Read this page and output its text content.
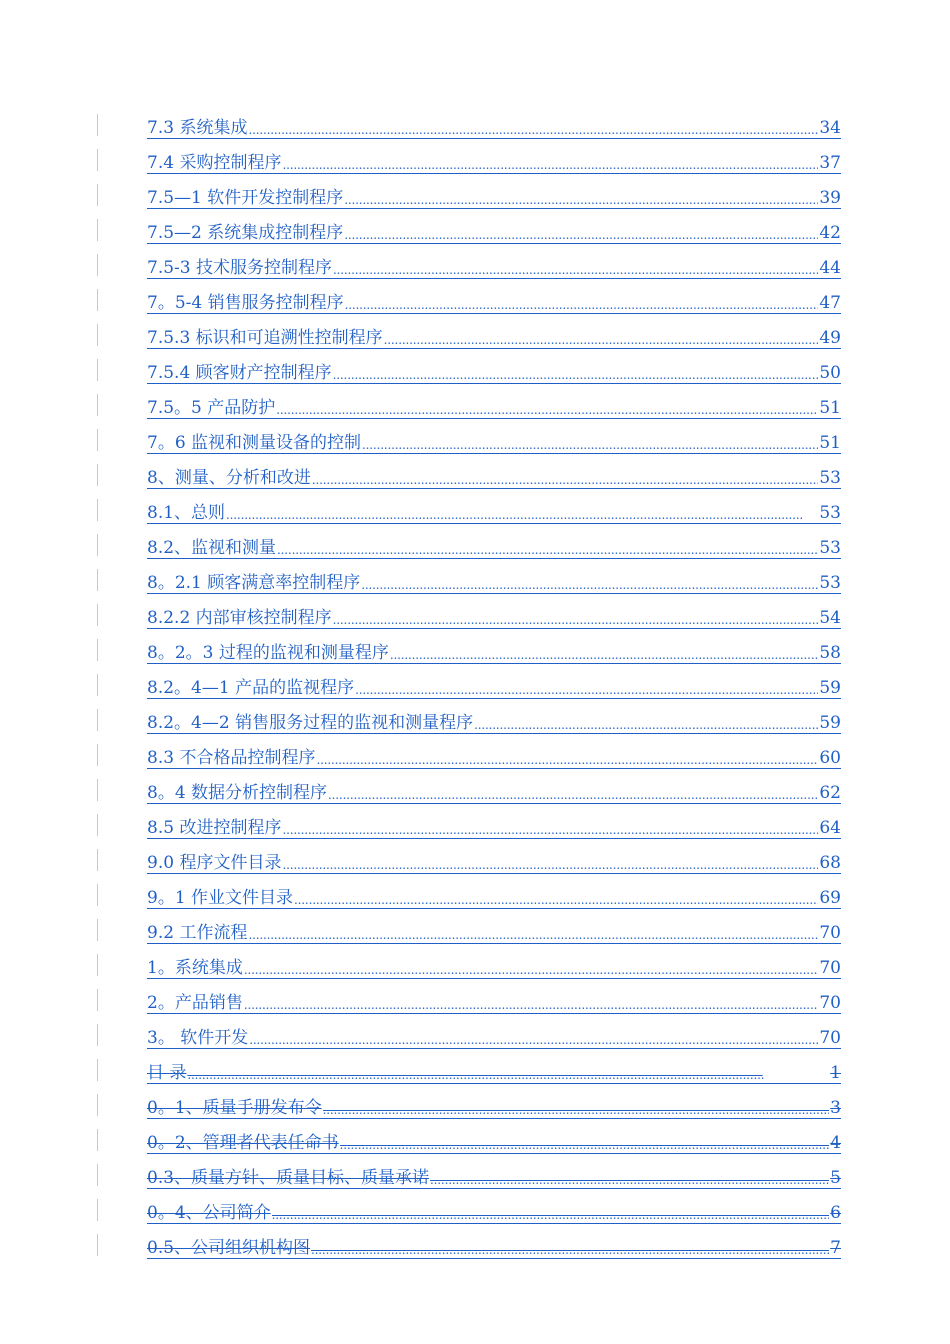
7.3 系统集成 . . .	34
7.4 采购控制程序 . . .	37
7.5—1 软件开发控制程序 . . .	39
7.5—2 系统集成控制程序 . . .	42
7.5-3 技术服务控制程序 . . .	44
7。5-4 销售服务控制程序 . . .	47
7.5.3 标识和可追溯性控制程序 . . .	49
7.5.4 顾客财产控制程序 . . .	50
7.5。5 产品防护 . . .	51
7。6 监视和测量设备的控制 . . .	51
8、测量、分析和改进 . . .	53
8.1、总则 . . .	53
8.2、监视和测量 . . .	53
8。2.1 顾客满意率控制程序 . . .	53
8.2.2 内部审核控制程序 . . .	54
8。2。3 过程的监视和测量程序 . . .	58
8.2。4—1 产品的监视程序 . . .	59
8.2。4—2 销售服务过程的监视和测量程序 . . .	59
8.3 不合格品控制程序 . . .	60
8。4 数据分析控制程序 . . .	62
8.5 改进控制程序 . . .	64
9.0 程序文件目录 . . .	68
9。1 作业文件目录 . . .	69
9.2 工作流程 . . .	70
1。系统集成 . . .	70
2。产品销售 . . .	70
3。 软件开发 . . .	70
目 录 . . .	1
0。1、质量手册发布令 . . .	3
0。2、管理者代表任命书 . . .	4
0.3、质量方针、质量目标、质量承诺 . . .	5
0。4、公司简介 . . .	6
0.5、公司组织机构图 . . .	7
